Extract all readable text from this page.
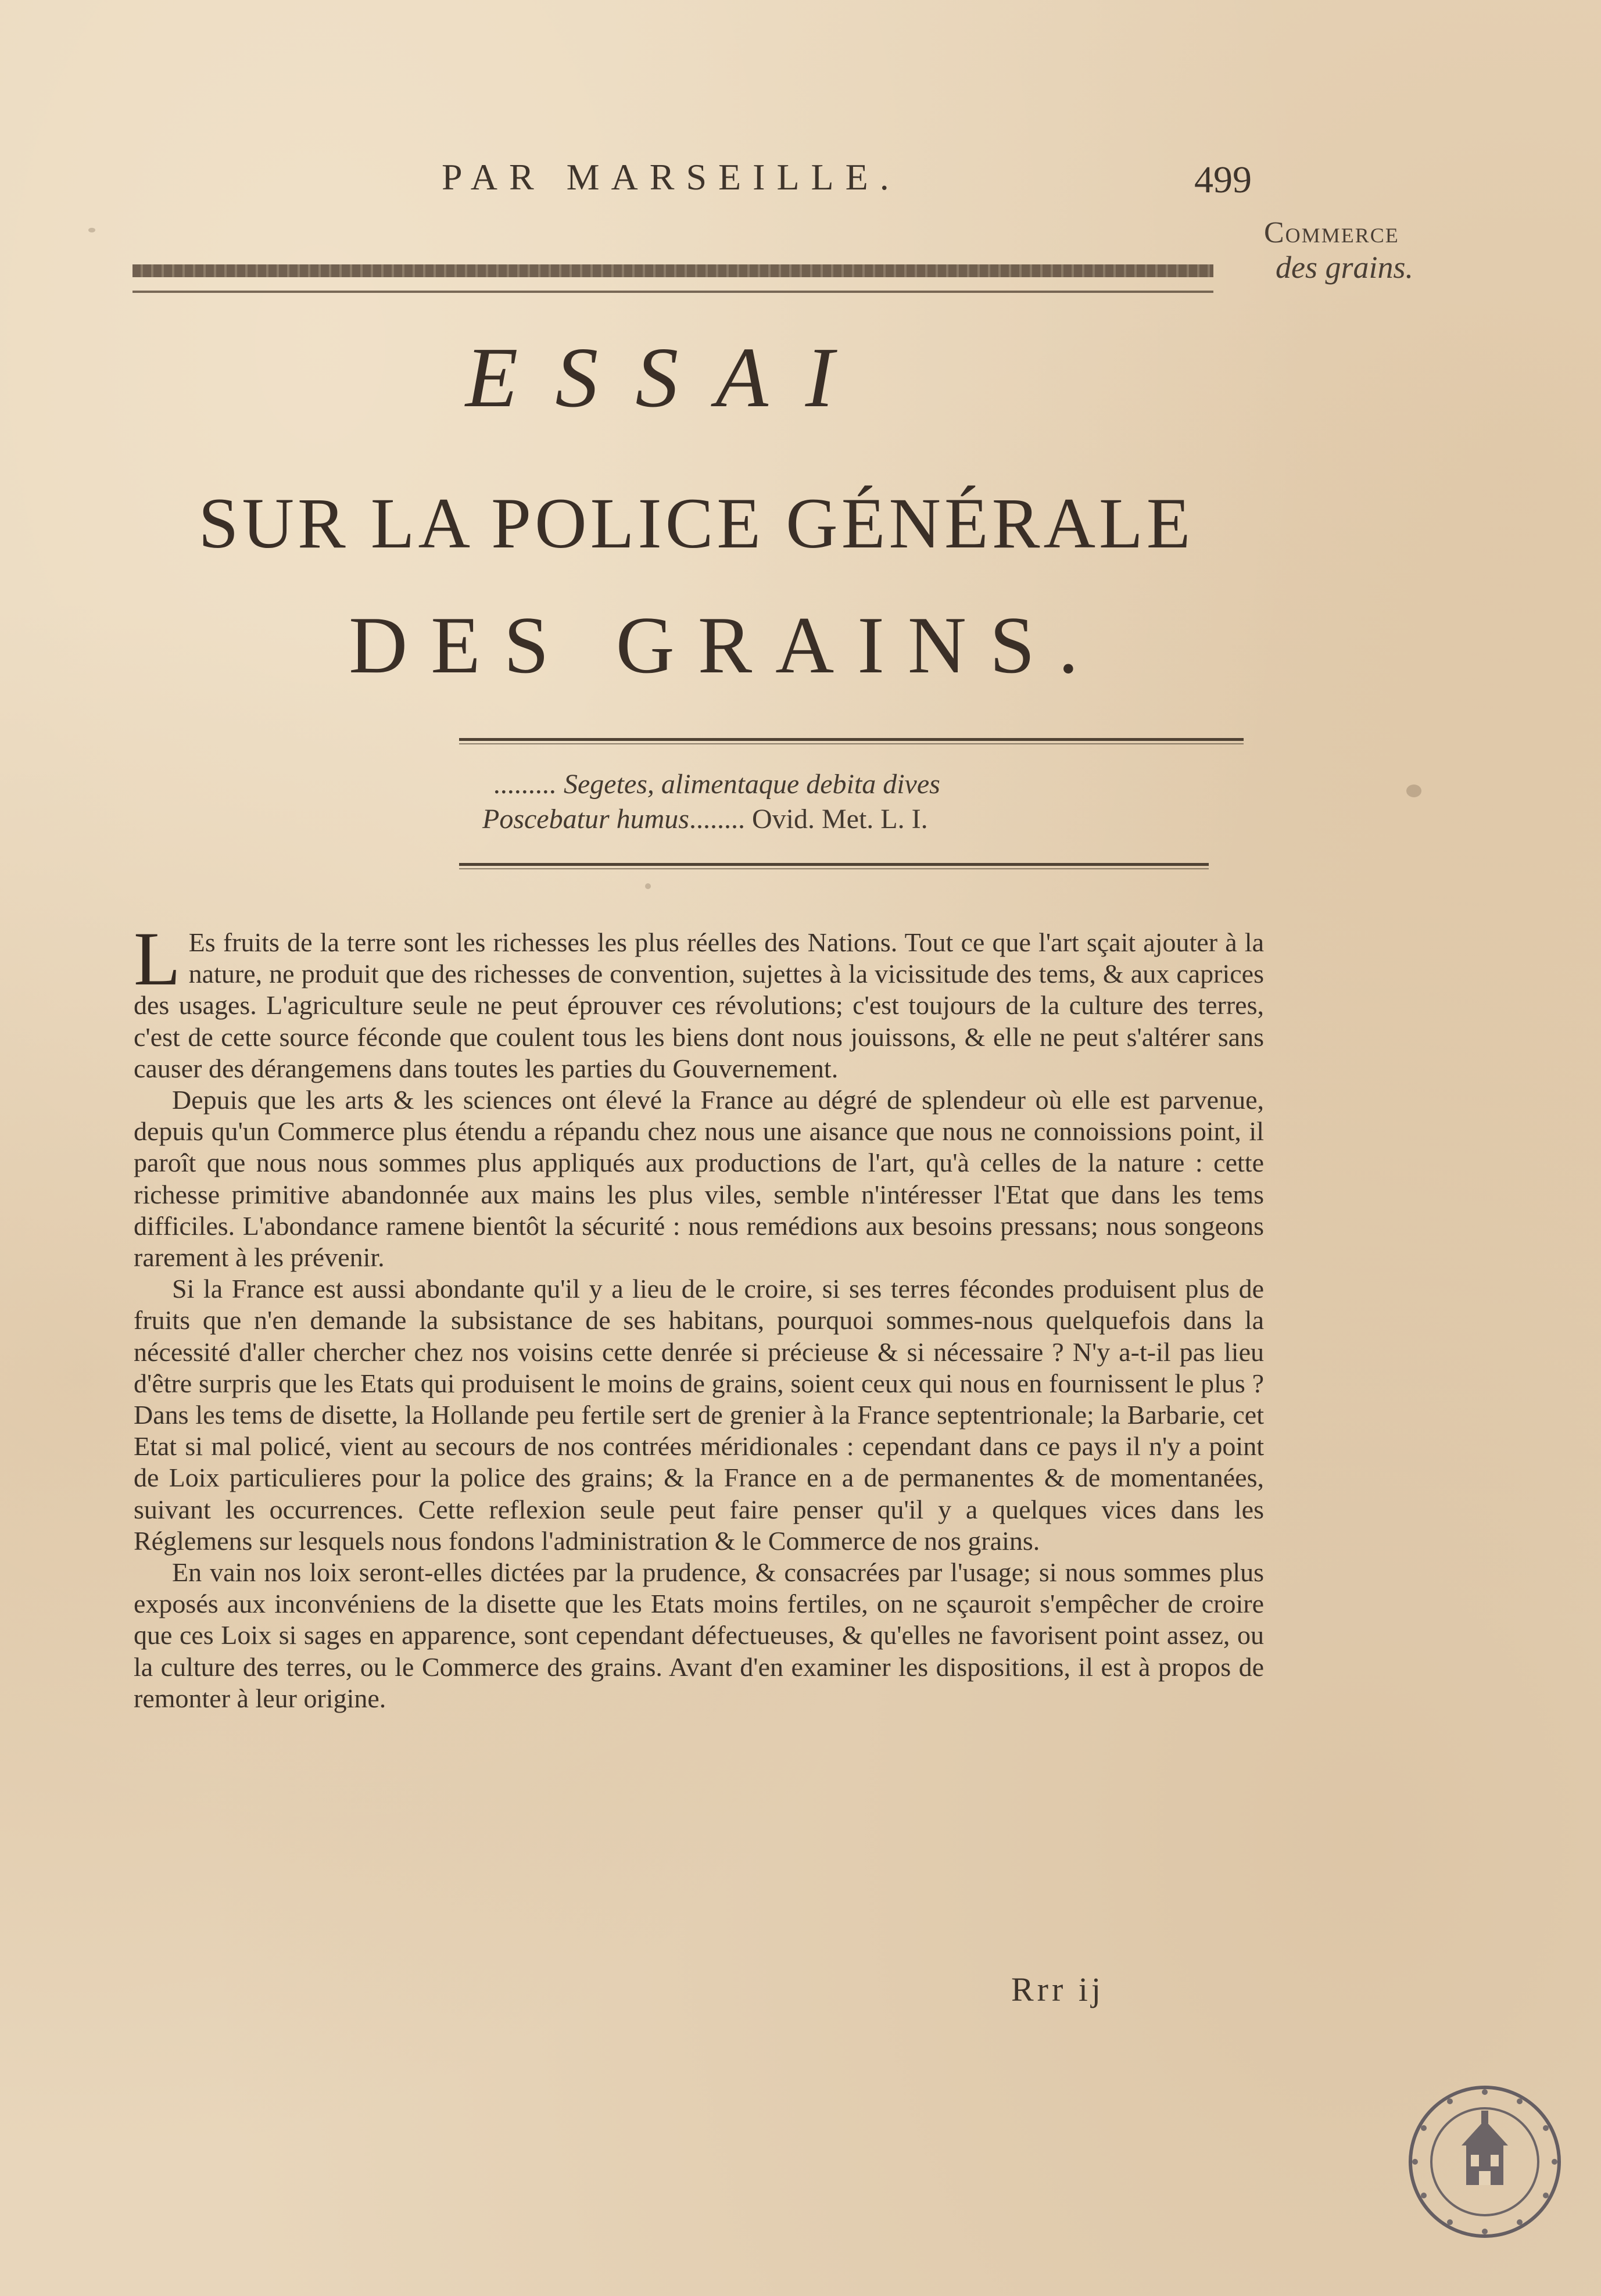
PAR MARSEILLE.	499
Commerce
des grains.
ESSAI
SUR LA POLICE GÉNÉRALE
DES GRAINS.
......... Segetes, alimentaque debita dives
Poscebatur humus........ Ovid. Met. L. I.

L Es fruits de la terre sont les richesses les plus réelles des Nations. Tout ce que l'art sçait ajouter à la nature, ne produit que des richesses de convention, sujettes à la vicissitude des tems, & aux caprices des usages. L'agriculture seule ne peut éprouver ces révolutions; c'est toujours de la culture des terres, c'est de cette source féconde que coulent tous les biens dont nous jouissons, & elle ne peut s'altérer sans causer des dérangemens dans toutes les parties du Gouvernement.

Depuis que les arts & les sciences ont élevé la France au dégré de splendeur où elle est parvenue, depuis qu'un Commerce plus étendu a répandu chez nous une aisance que nous ne connoissions point, il paroît que nous nous sommes plus appliqués aux productions de l'art, qu'à celles de la nature : cette richesse primitive abandonnée aux mains les plus viles, semble n'intéresser l'Etat que dans les tems difficiles. L'abondance ramene bientôt la sécurité : nous remédions aux besoins pressans; nous songeons rarement à les prévenir.

Si la France est aussi abondante qu'il y a lieu de le croire, si ses terres fécondes produisent plus de fruits que n'en demande la subsistance de ses habitans, pourquoi sommes-nous quelquefois dans la nécessité d'aller chercher chez nos voisins cette denrée si précieuse & si nécessaire ? N'y a-t-il pas lieu d'être surpris que les Etats qui produisent le moins de grains, soient ceux qui nous en fournissent le plus ? Dans les tems de disette, la Hollande peu fertile sert de grenier à la France septentrionale; la Barbarie, cet Etat si mal policé, vient au secours de nos contrées méridionales : cependant dans ce pays il n'y a point de Loix particulieres pour la police des grains; & la France en a de permanentes & de momentanées, suivant les occurrences. Cette reflexion seule peut faire penser qu'il y a quelques vices dans les Réglemens sur lesquels nous fondons l'administration & le Commerce de nos grains.

En vain nos loix seront-elles dictées par la prudence, & consacrées par l'usage; si nous sommes plus exposés aux inconvéniens de la disette que les Etats moins fertiles, on ne sçauroit s'empêcher de croire que ces Loix si sages en apparence, sont cependant défectueuses, & qu'elles ne favorisent point assez, ou la culture des terres, ou le Commerce des grains. Avant d'en examiner les dispositions, il est à propos de remonter à leur origine.

Rrr ij
